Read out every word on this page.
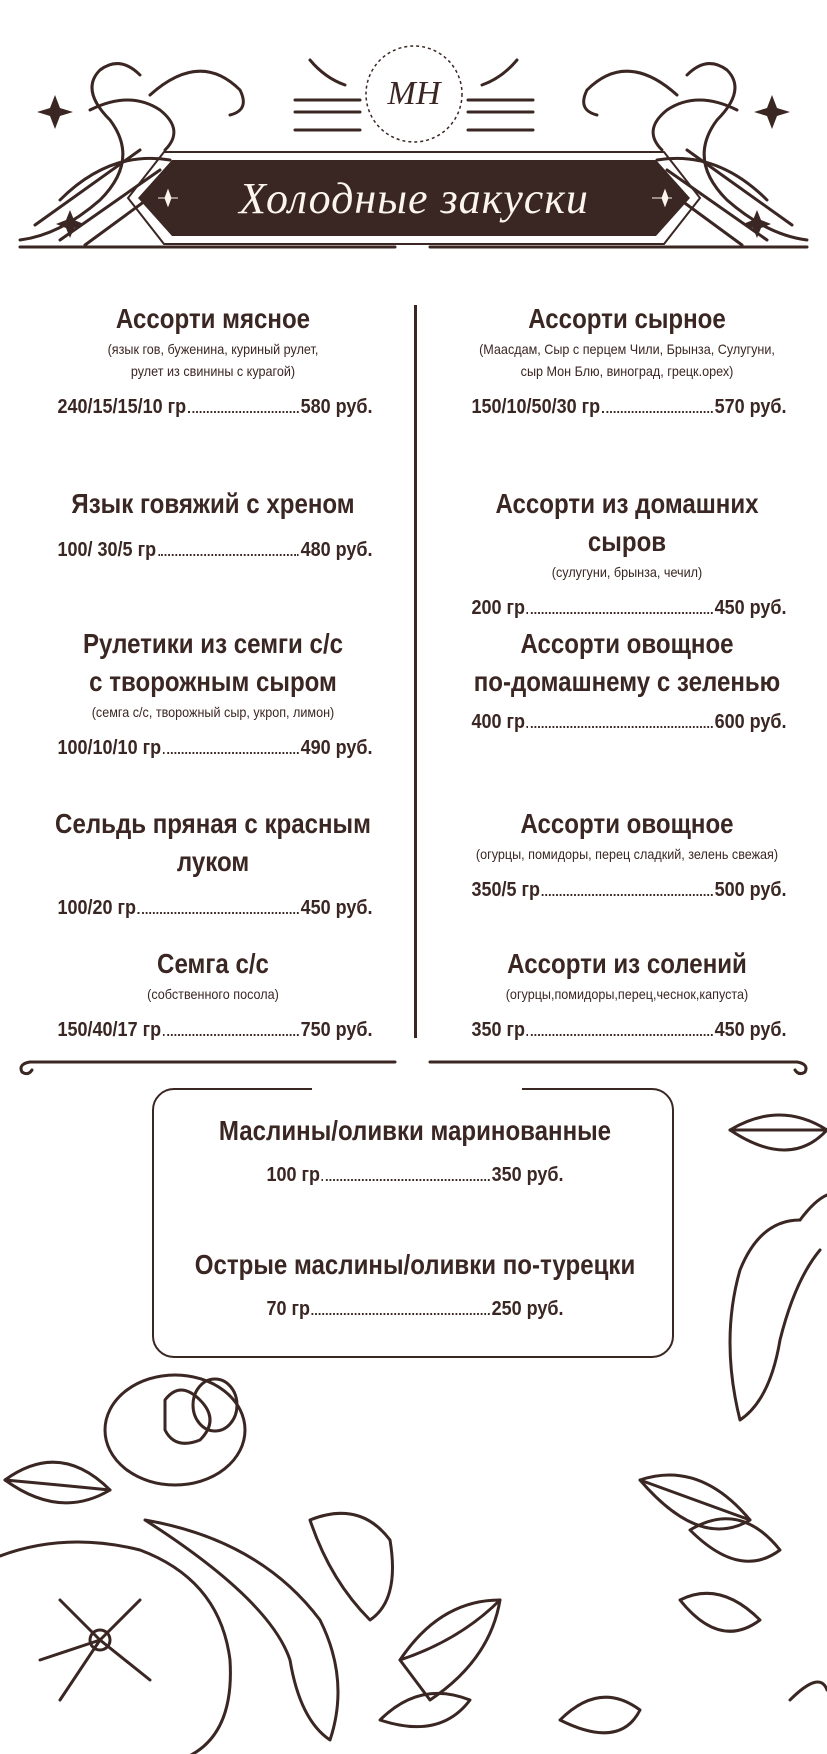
МН
Холодные закуски
Ассорти мясное
(язык гов, буженина, куриный рулет,
рулет из свинины с курагой)
240/15/15/10 гр	580 руб.
Язык говяжий с хреном
100/ 30/5 гр	480 руб.
Рулетики из семги с/с
с творожным сыром
(семга с/с, творожный сыр, укроп, лимон)
100/10/10 гр	490 руб.
Сельдь пряная с красным луком
100/20 гр	450 руб.
Семга с/с
(собственного посола)
150/40/17 гр	750 руб.
Ассорти сырное
(Маасдам, Сыр с перцем Чили, Брынза, Сулугуни,
сыр Мон Блю, виноград, грецк.орех)
150/10/50/30 гр	570 руб.
Ассорти из домашних сыров
(сулугуни, брынза, чечил)
200 гр	450 руб.
Ассорти овощное
по-домашнему с зеленью
400 гр	600 руб.
Ассорти овощное
(огурцы, помидоры, перец сладкий, зелень свежая)
350/5 гр	500 руб.
Ассорти из солений
(огурцы,помидоры,перец,чеснок,капуста)
350 гр	450 руб.
Маслины/оливки маринованные
100 гр	350 руб.
Острые маслины/оливки по-турецки
70 гр	250 руб.
